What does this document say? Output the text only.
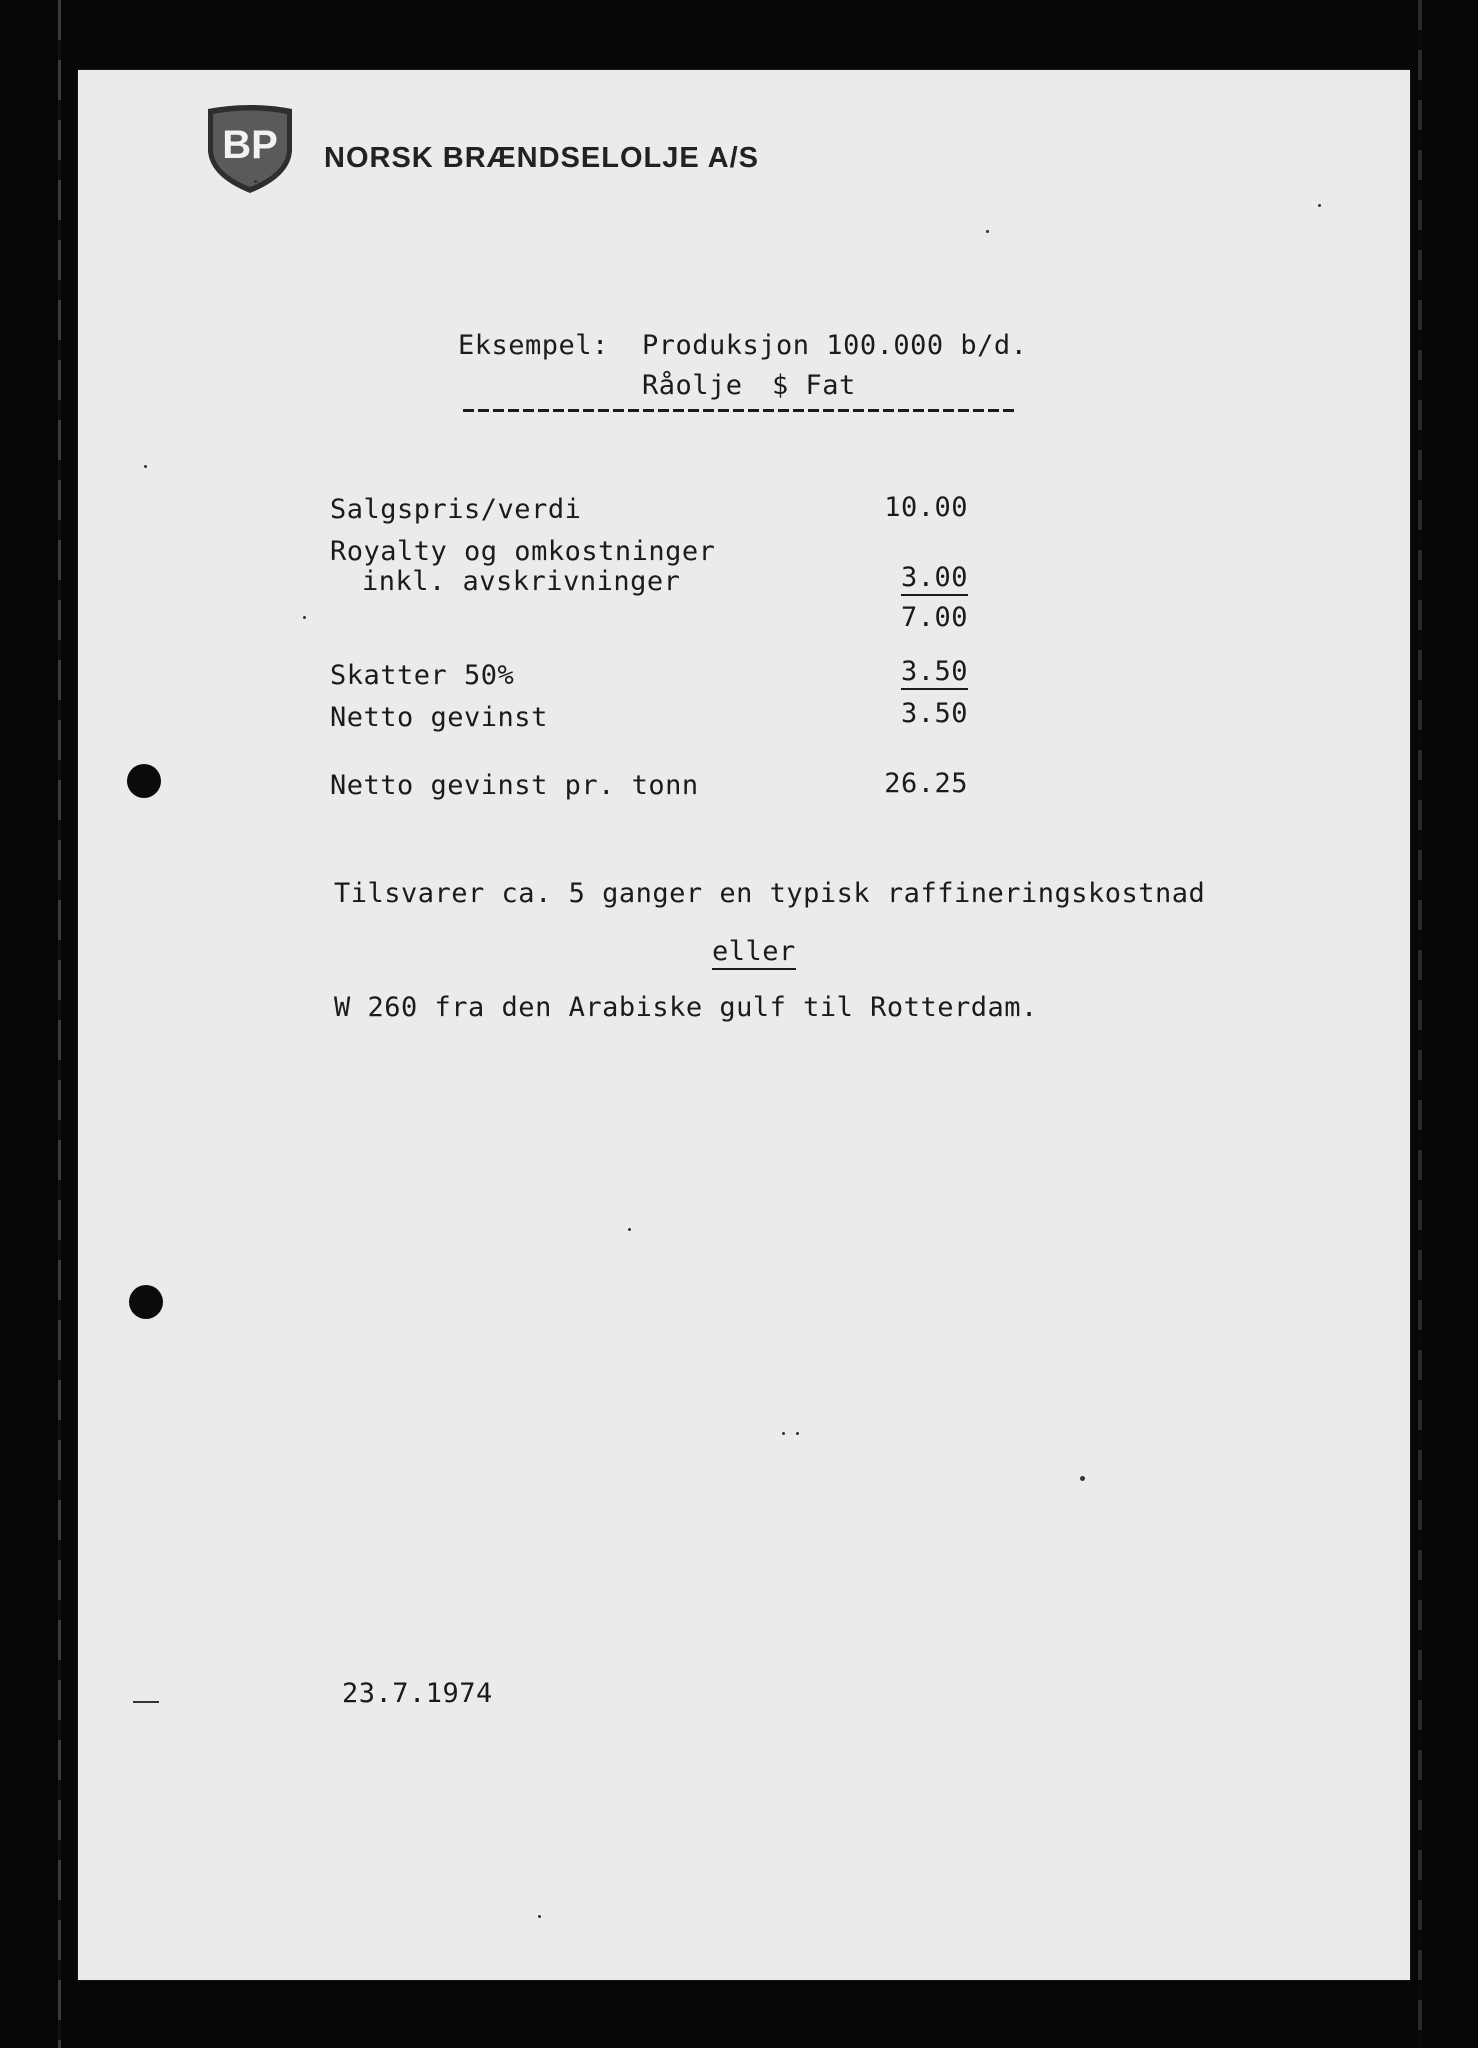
BP NORSK BRÆNDSELOLJE A/S
Eksempel: Produksjon 100.000 b/d.
Råolje $ Fat
Salgspris/verdi	10.00
Royalty og omkostninger
inkl. avskrivninger	3.00
7.00
Skatter 50%	3.50
Netto gevinst	3.50
Netto gevinst pr. tonn	26.25
Tilsvarer ca. 5 ganger en typisk raffineringskostnad
eller
W 260 fra den Arabiske gulf til Rotterdam.
23.7.1974
